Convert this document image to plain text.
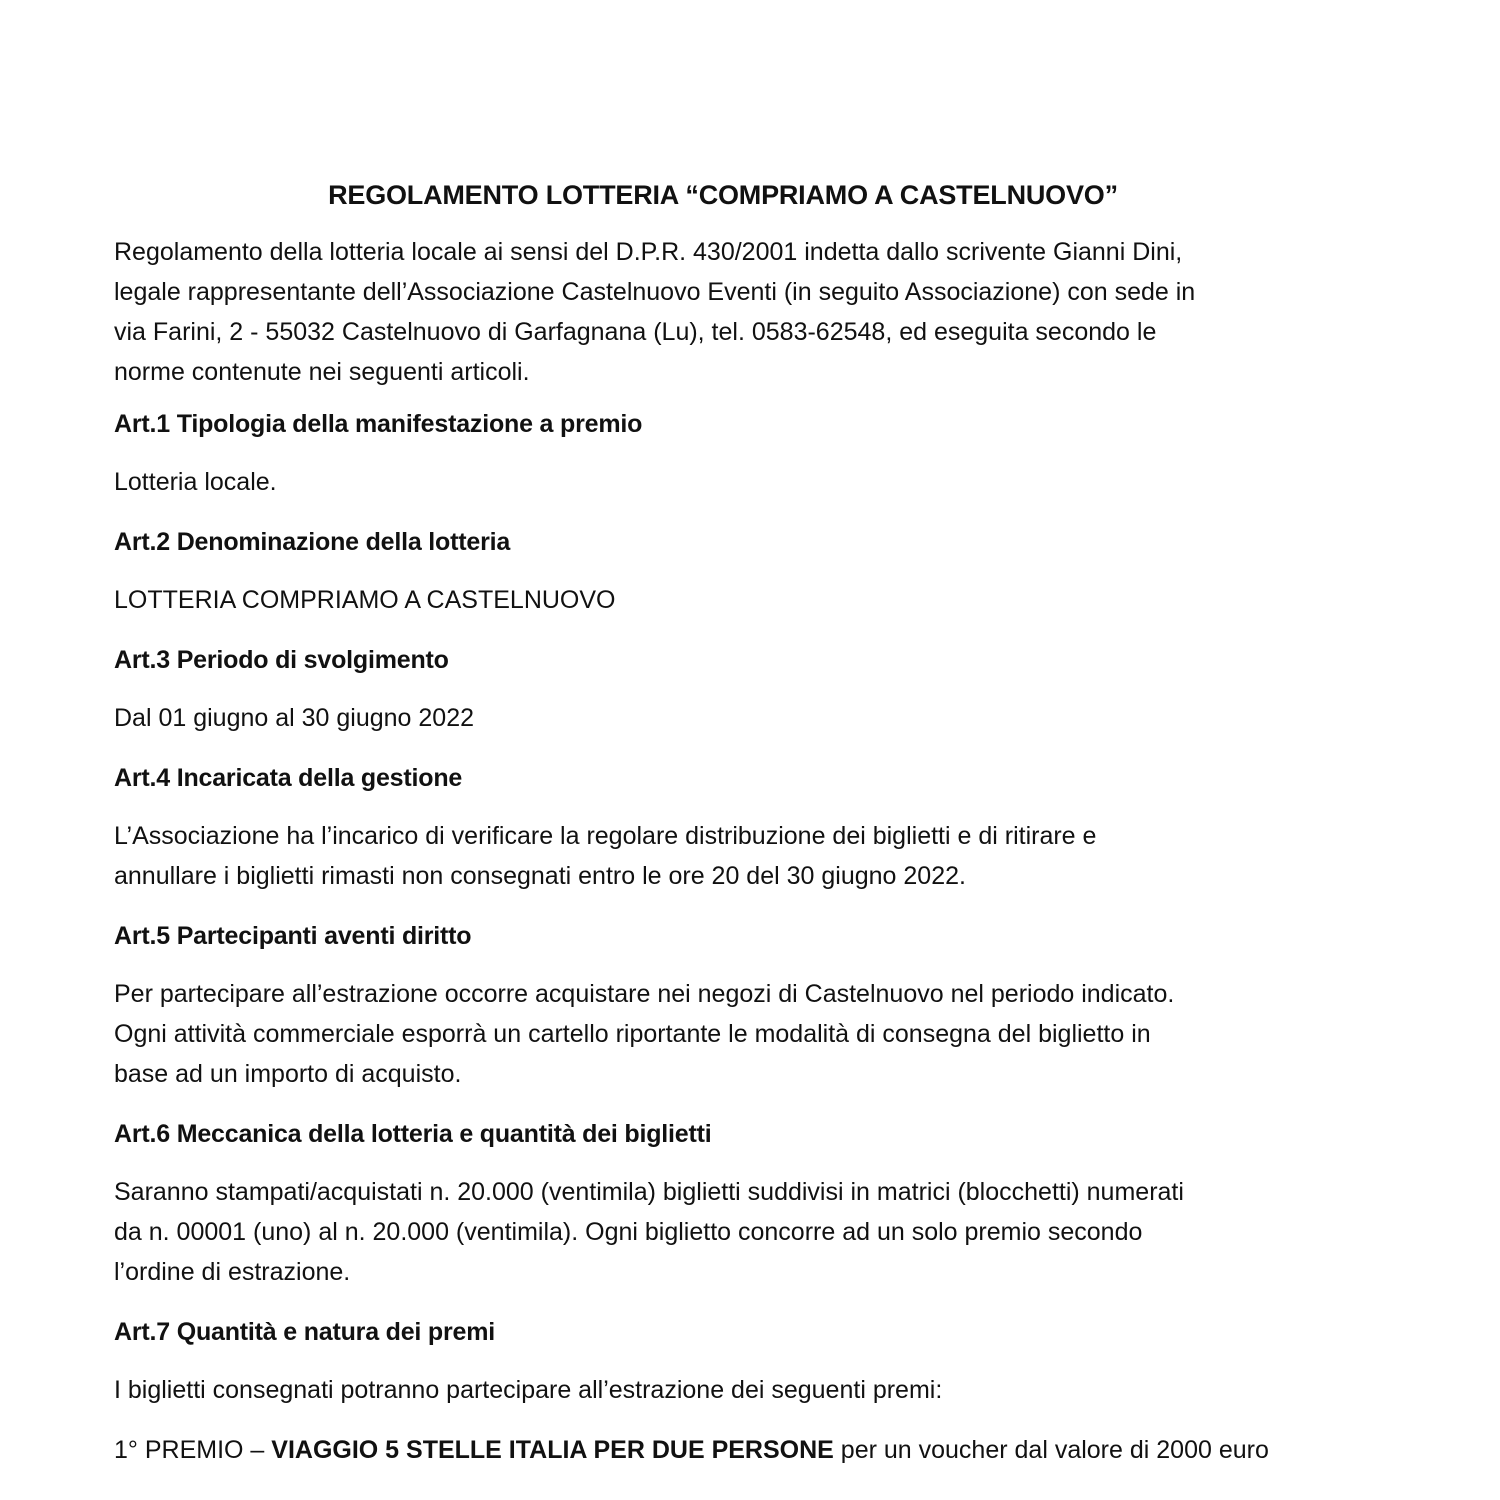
REGOLAMENTO LOTTERIA “COMPRIAMO A CASTELNUOVO”

Regolamento della lotteria locale ai sensi del D.P.R. 430/2001 indetta dallo scrivente Gianni Dini,

legale rappresentante dell’Associazione Castelnuovo Eventi (in seguito Associazione) con sede in

via Farini, 2 - 55032 Castelnuovo di Garfagnana (Lu), tel. 0583-62548, ed eseguita secondo le

norme contenute nei seguenti articoli.

Art.1 Tipologia della manifestazione a premio

Lotteria locale.

Art.2 Denominazione della lotteria

LOTTERIA COMPRIAMO A CASTELNUOVO

Art.3 Periodo di svolgimento

Dal 01 giugno al 30 giugno 2022

Art.4 Incaricata della gestione

L’Associazione ha l’incarico di verificare la regolare distribuzione dei biglietti e di ritirare e

annullare i biglietti rimasti non consegnati entro le ore 20 del 30 giugno 2022.

Art.5 Partecipanti aventi diritto

Per partecipare all’estrazione occorre acquistare nei negozi di Castelnuovo nel periodo indicato.

Ogni attività commerciale esporrà un cartello riportante le modalità di consegna del biglietto in

base ad un importo di acquisto.

Art.6 Meccanica della lotteria e quantità dei biglietti

Saranno stampati/acquistati n. 20.000 (ventimila) biglietti suddivisi in matrici (blocchetti) numerati

da n. 00001 (uno) al n. 20.000 (ventimila). Ogni biglietto concorre ad un solo premio secondo

l’ordine di estrazione.

Art.7 Quantità e natura dei premi

I biglietti consegnati potranno partecipare all’estrazione dei seguenti premi:

1° PREMIO – VIAGGIO 5 STELLE ITALIA PER DUE PERSONE per un voucher dal valore di 2000 euro
